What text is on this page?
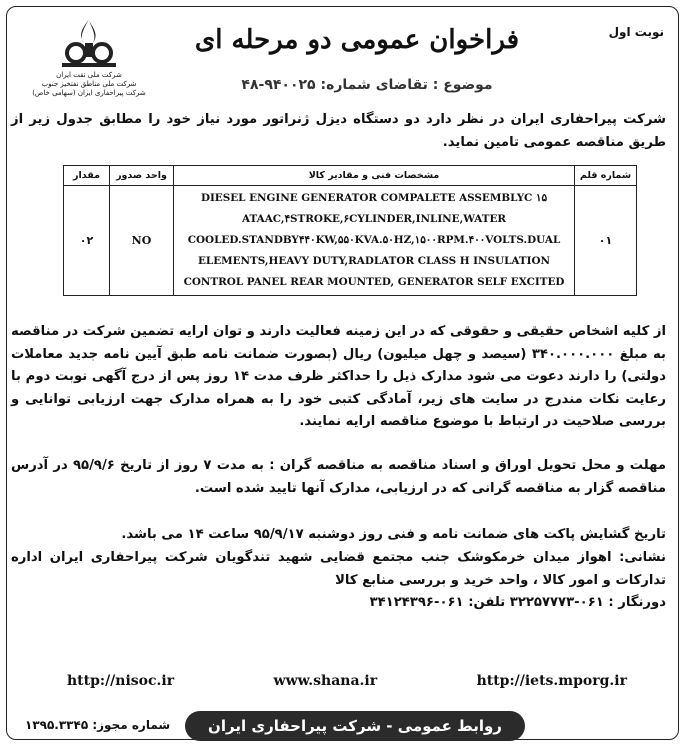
نوبت اول
شرکت ملی نفت ایران
شرکت ملی مناطق نفتخیز جنوب
شرکت پیراحفاری ایران (سهامی خاص)
فراخوان عمومی دو مرحله ای
موضوع : تقاضای شماره: ۹۴۰۰۲۵-۴۸
شرکت پیراحفاری ایران در نظر دارد دو دستگاه دیزل ژنراتور مورد نیاز خود را مطابق جدول زیر از طریق مناقصه عمومی تامین نماید.
شماره قلم	مشخصات فنی و مقادیر کالا	واحد صدور	مقدار
۰۱	DIESEL ENGINE GENERATOR COMPALETE ASSEMBLYC ۱۵ ATAAC,۴STROKE,۶CYLINDER,INLINE,WATER COOLED.STANDBY۴۴۰KW,۵۵۰KVA.۵۰HZ,۱۵۰۰RPM.۴۰۰VOLTS.DUAL ELEMENTS,HEAVY DUTY,RADLATOR CLASS H INSULATION CONTROL PANEL REAR MOUNTED, GENERATOR SELF EXCITED	NO	۰۲
از کلیه اشخاص حقیقی و حقوقی که در این زمینه فعالیت دارند و توان ارایه تضمین شرکت در مناقصه به مبلغ ۳۴۰.۰۰۰.۰۰۰ (سیصد و چهل میلیون) ریال (بصورت ضمانت نامه طبق آیین نامه جدید معاملات دولتی) را دارند دعوت می شود مدارک ذیل را حداکثر ظرف مدت ۱۴ روز پس از درج آگهی نوبت دوم با رعایت نکات مندرج در سایت های زیر، آمادگی کتبی خود را به همراه مدارک جهت ارزیابی توانایی و بررسی صلاحیت در ارتباط با موضوع مناقصه ارایه نمایند.
مهلت و محل تحویل اوراق و اسناد مناقصه به مناقصه گران : به مدت ۷ روز از تاریخ ۹۵/۹/۶ در آدرس مناقصه گزار به مناقصه گرانی که در ارزیابی، مدارک آنها تایید شده است.
تاریخ گشایش پاکت های ضمانت نامه و فنی روز دوشنبه ۹۵/۹/۱۷ ساعت ۱۴ می باشد.
نشانی: اهواز میدان خرمکوشک جنب مجتمع قضایی شهید تندگویان شرکت پیراحفاری ایران اداره تدارکات و امور کالا ، واحد خرید و بررسی منابع کالا
دورنگار : ۰۶۱-۳۲۲۵۷۷۷۳ تلفن: ۰۶۱-۳۴۱۲۴۳۹۶
http://nisoc.ir	www.shana.ir	http://iets.mporg.ir
شماره مجوز: ۱۳۹۵.۳۳۴۵	روابط عمومی - شرکت پیراحفاری ایران
